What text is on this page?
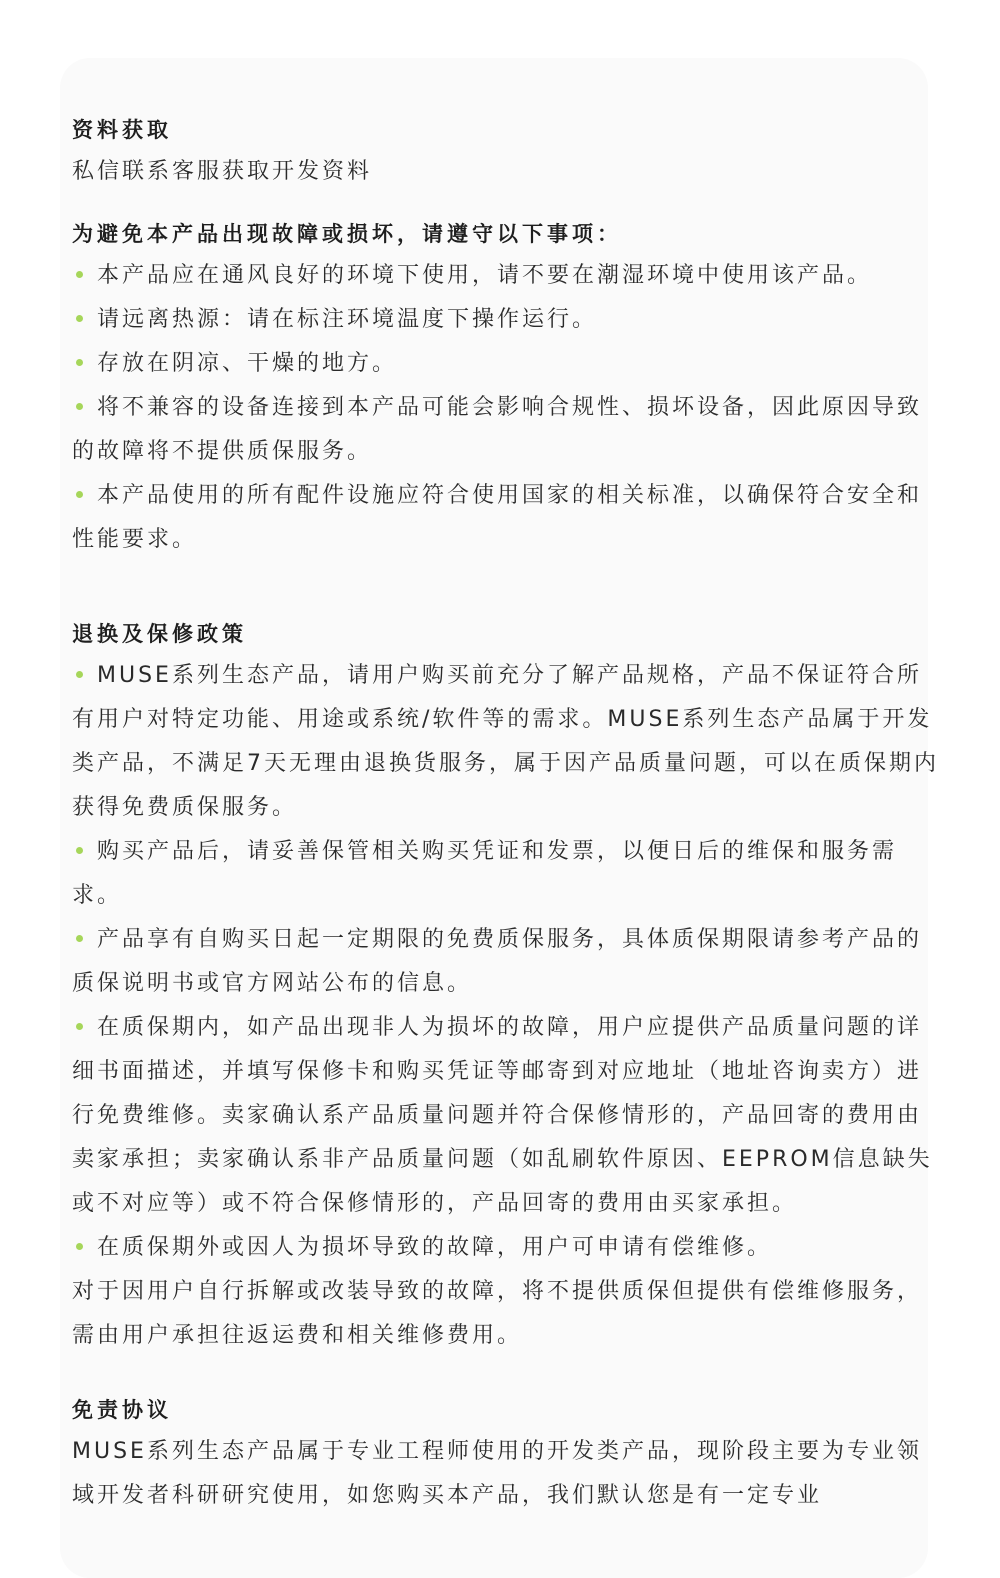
资料获取

私信联系客服获取开发资料

为避免本产品出现故障或损坏，请遵守以下事项：

本产品应在通风良好的环境下使用，请不要在潮湿环境中使用该产品。
请远离热源：请在标注环境温度下操作运行。
存放在阴凉、干燥的地方。
将不兼容的设备连接到本产品可能会影响合规性、损坏设备，因此原因导致的故障将不提供质保服务。
本产品使用的所有配件设施应符合使用国家的相关标准，以确保符合安全和性能要求。

退换及保修政策

MUSE系列生态产品，请用户购买前充分了解产品规格，产品不保证符合所有用户对特定功能、用途或系统/软件等的需求。MUSE系列生态产品属于开发类产品，不满足7天无理由退换货服务，属于因产品质量问题，可以在质保期内获得免费质保服务。
购买产品后，请妥善保管相关购买凭证和发票，以便日后的维保和服务需求。
产品享有自购买日起一定期限的免费质保服务，具体质保期限请参考产品的质保说明书或官方网站公布的信息。
在质保期内，如产品出现非人为损坏的故障，用户应提供产品质量问题的详细书面描述，并填写保修卡和购买凭证等邮寄到对应地址（地址咨询卖方）进行免费维修。卖家确认系产品质量问题并符合保修情形的，产品回寄的费用由卖家承担；卖家确认系非产品质量问题（如乱刷软件原因、EEPROM信息缺失或不对应等）或不符合保修情形的，产品回寄的费用由买家承担。
在质保期外或因人为损坏导致的故障，用户可申请有偿维修。

对于因用户自行拆解或改装导致的故障，将不提供质保但提供有偿维修服务，需由用户承担往返运费和相关维修费用。

免责协议

MUSE系列生态产品属于专业工程师使用的开发类产品，现阶段主要为专业领域开发者科研研究使用，如您购买本产品，我们默认您是有一定专业
